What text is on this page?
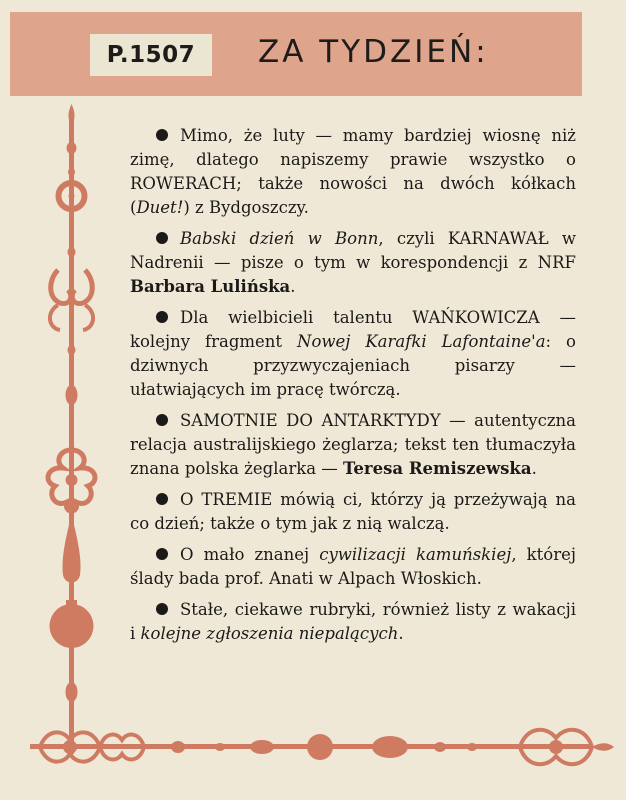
P.1507	ZA TYDZIEŃ:

Mimo, że luty — mamy bardziej wiosnę niż zimę, dlatego napiszemy prawie wszystko o ROWERACH; także nowości na dwóch kółkach (Duet!) z Bydgoszczy.

Babski dzień w Bonn, czyli KARNAWAŁ w Nadrenii — pisze o tym w korespondencji z NRF Barbara Lulińska.

Dla wielbicieli talentu WAŃKOWICZA — kolejny fragment Nowej Karafki Lafontaine'a: o dziwnych przyzwyczajeniach pisarzy — ułatwiających im pracę twórczą.

SAMOTNIE DO ANTARKTYDY — autentyczna relacja australijskiego żeglarza; tekst ten tłumaczyła znana polska żeglarka — Teresa Remiszewska.

O TREMIE mówią ci, którzy ją przeżywają na co dzień; także o tym jak z nią walczą.

O mało znanej cywilizacji kamuńskiej, której ślady bada prof. Anati w Alpach Włoskich.

Stałe, ciekawe rubryki, również listy z wakacji i kolejne zgłoszenia niepalących.
